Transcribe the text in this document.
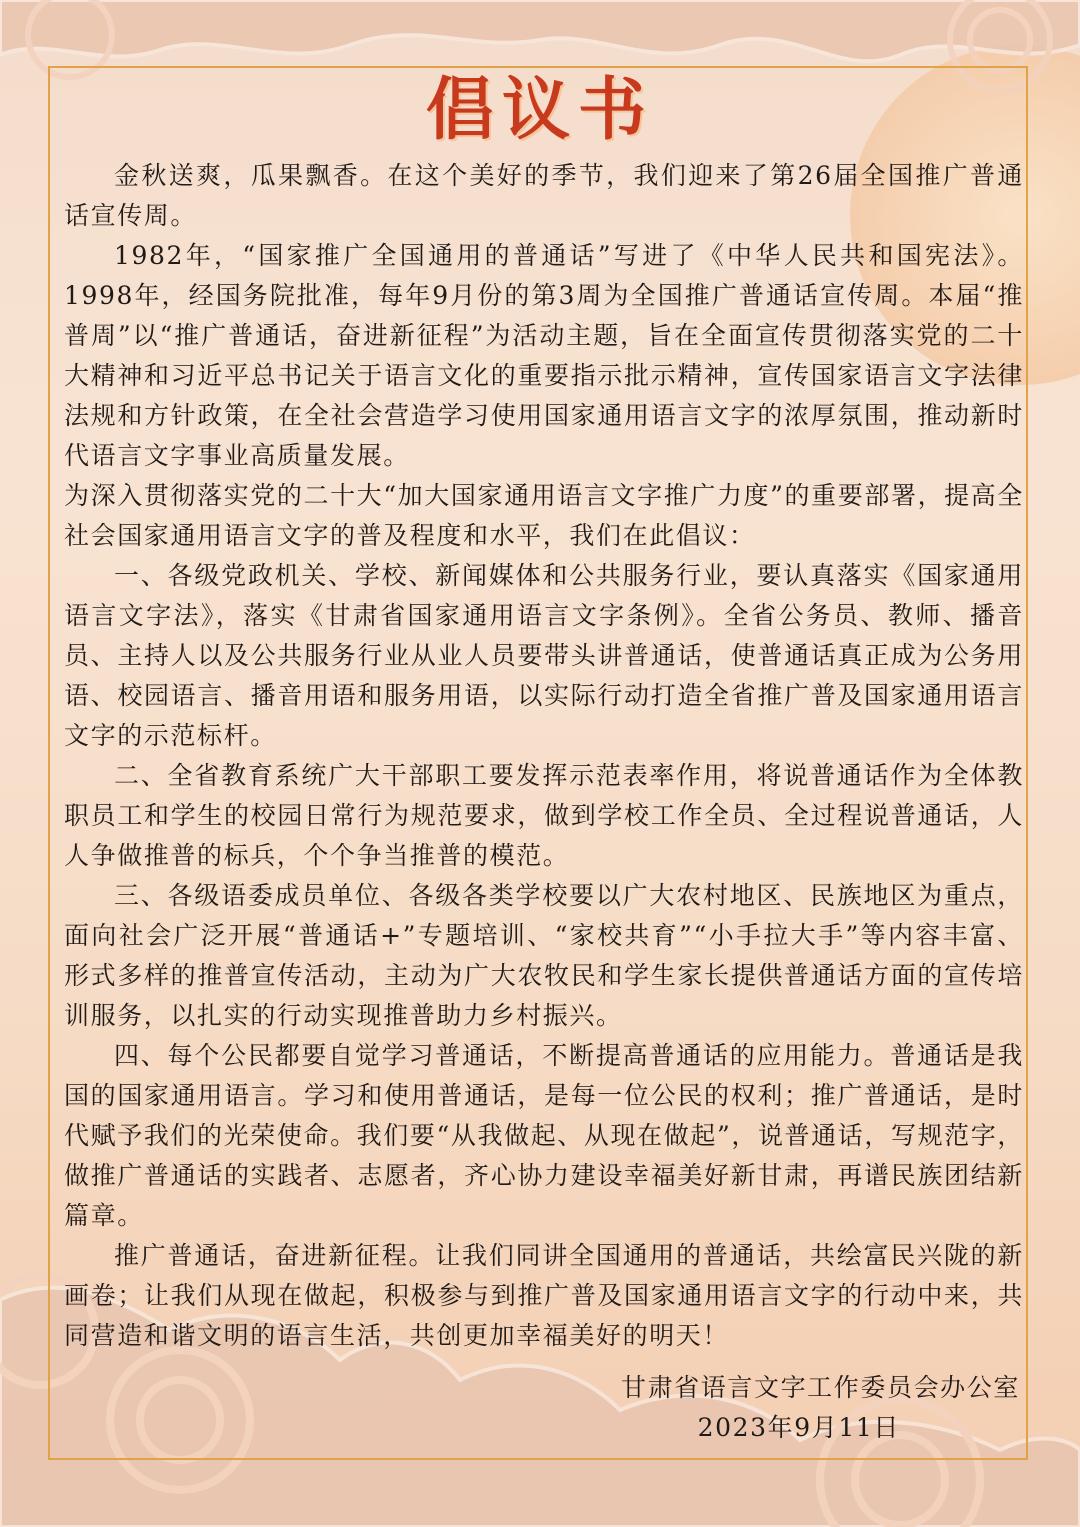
倡议书

金秋送爽，瓜果飘香。在这个美好的季节，我们迎来了第26届全国推广普通话宣传周。

1982年，“国家推广全国通用的普通话”写进了《中华人民共和国宪法》。1998年，经国务院批准，每年9月份的第3周为全国推广普通话宣传周。本届“推普周”以“推广普通话，奋进新征程”为活动主题，旨在全面宣传贯彻落实党的二十大精神和习近平总书记关于语言文化的重要指示批示精神，宣传国家语言文字法律法规和方针政策，在全社会营造学习使用国家通用语言文字的浓厚氛围，推动新时代语言文字事业高质量发展。

为深入贯彻落实党的二十大“加大国家通用语言文字推广力度”的重要部署，提高全社会国家通用语言文字的普及程度和水平，我们在此倡议：

一、各级党政机关、学校、新闻媒体和公共服务行业，要认真落实《国家通用语言文字法》，落实《甘肃省国家通用语言文字条例》。全省公务员、教师、播音员、主持人以及公共服务行业从业人员要带头讲普通话，使普通话真正成为公务用语、校园语言、播音用语和服务用语，以实际行动打造全省推广普及国家通用语言文字的示范标杆。

二、全省教育系统广大干部职工要发挥示范表率作用，将说普通话作为全体教职员工和学生的校园日常行为规范要求，做到学校工作全员、全过程说普通话，人人争做推普的标兵，个个争当推普的模范。

三、各级语委成员单位、各级各类学校要以广大农村地区、民族地区为重点，面向社会广泛开展“普通话+”专题培训、“家校共育”“小手拉大手”等内容丰富、形式多样的推普宣传活动，主动为广大农牧民和学生家长提供普通话方面的宣传培训服务，以扎实的行动实现推普助力乡村振兴。

四、每个公民都要自觉学习普通话，不断提高普通话的应用能力。普通话是我国的国家通用语言。学习和使用普通话，是每一位公民的权利；推广普通话，是时代赋予我们的光荣使命。我们要“从我做起、从现在做起”，说普通话，写规范字，做推广普通话的实践者、志愿者，齐心协力建设幸福美好新甘肃，再谱民族团结新篇章。

推广普通话，奋进新征程。让我们同讲全国通用的普通话，共绘富民兴陇的新画卷；让我们从现在做起，积极参与到推广普及国家通用语言文字的行动中来，共同营造和谐文明的语言生活，共创更加幸福美好的明天！

甘肃省语言文字工作委员会办公室
2023年9月11日
